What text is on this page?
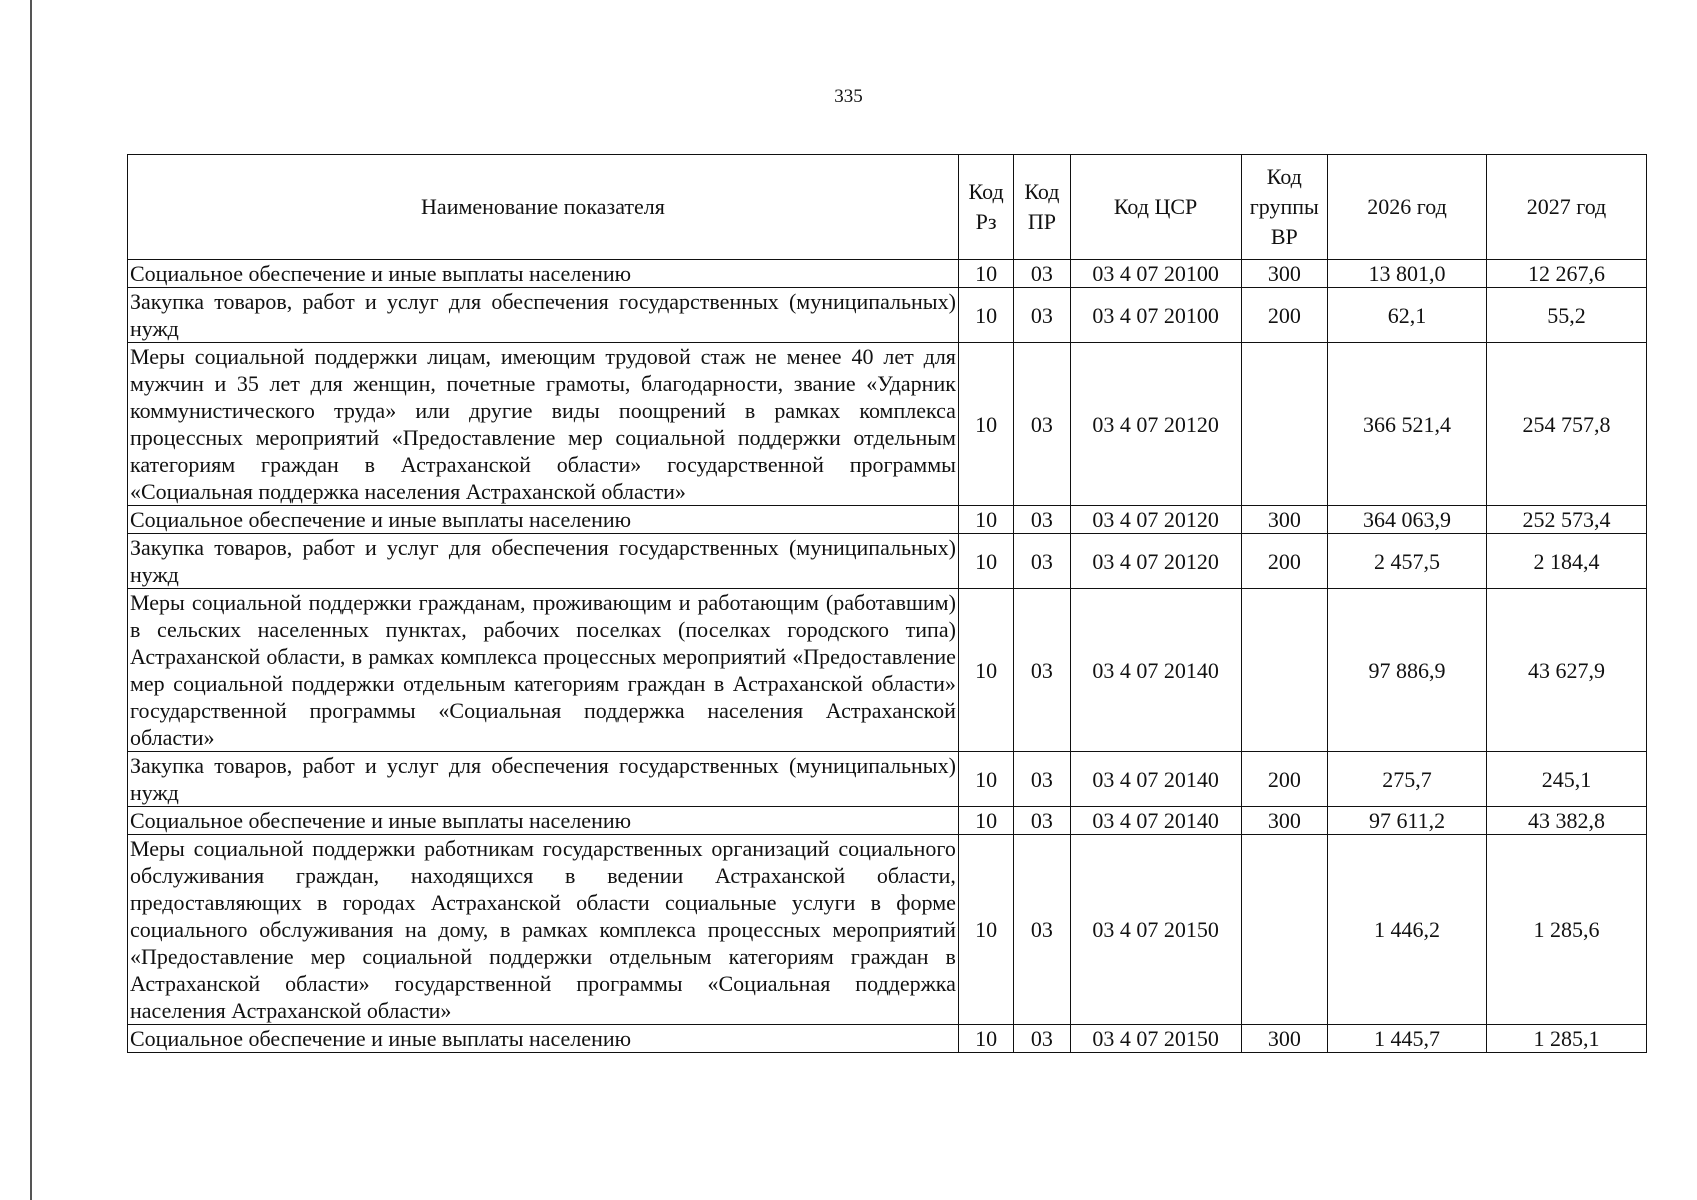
335
Наименование показателя	Код Рз	Код ПР	Код ЦСР	Код группы ВР	2026 год	2027 год
Социальное обеспечение и иные выплаты населению	10	03	03 4 07 20100	300	13 801,0	12 267,6
Закупка товаров, работ и услуг для обеспечения государственных (муниципальных) нужд	10	03	03 4 07 20100	200	62,1	55,2
Меры социальной поддержки лицам, имеющим трудовой стаж не менее 40 лет для мужчин и 35 лет для женщин, почетные грамоты, благодарности, звание «Ударник коммунистического труда» или другие виды поощрений в рамках комплекса процессных мероприятий «Предоставление мер социальной поддержки отдельным категориям граждан в Астраханской области» государственной программы «Социальная поддержка населения Астраханской области»	10	03	03 4 07 20120		366 521,4	254 757,8
Социальное обеспечение и иные выплаты населению	10	03	03 4 07 20120	300	364 063,9	252 573,4
Закупка товаров, работ и услуг для обеспечения государственных (муниципальных) нужд	10	03	03 4 07 20120	200	2 457,5	2 184,4
Меры социальной поддержки гражданам, проживающим и работающим (работавшим) в сельских населенных пунктах, рабочих поселках (поселках городского типа) Астраханской области, в рамках комплекса процессных мероприятий «Предоставление мер социальной поддержки отдельным категориям граждан в Астраханской области» государственной программы «Социальная поддержка населения Астраханской области»	10	03	03 4 07 20140		97 886,9	43 627,9
Закупка товаров, работ и услуг для обеспечения государственных (муниципальных) нужд	10	03	03 4 07 20140	200	275,7	245,1
Социальное обеспечение и иные выплаты населению	10	03	03 4 07 20140	300	97 611,2	43 382,8
Меры социальной поддержки работникам государственных организаций социального обслуживания граждан, находящихся в ведении Астраханской области, предоставляющих в городах Астраханской области социальные услуги в форме социального обслуживания на дому, в рамках комплекса процессных мероприятий «Предоставление мер социальной поддержки отдельным категориям граждан в Астраханской области» государственной программы «Социальная поддержка населения Астраханской области»	10	03	03 4 07 20150		1 446,2	1 285,6
Социальное обеспечение и иные выплаты населению	10	03	03 4 07 20150	300	1 445,7	1 285,1
